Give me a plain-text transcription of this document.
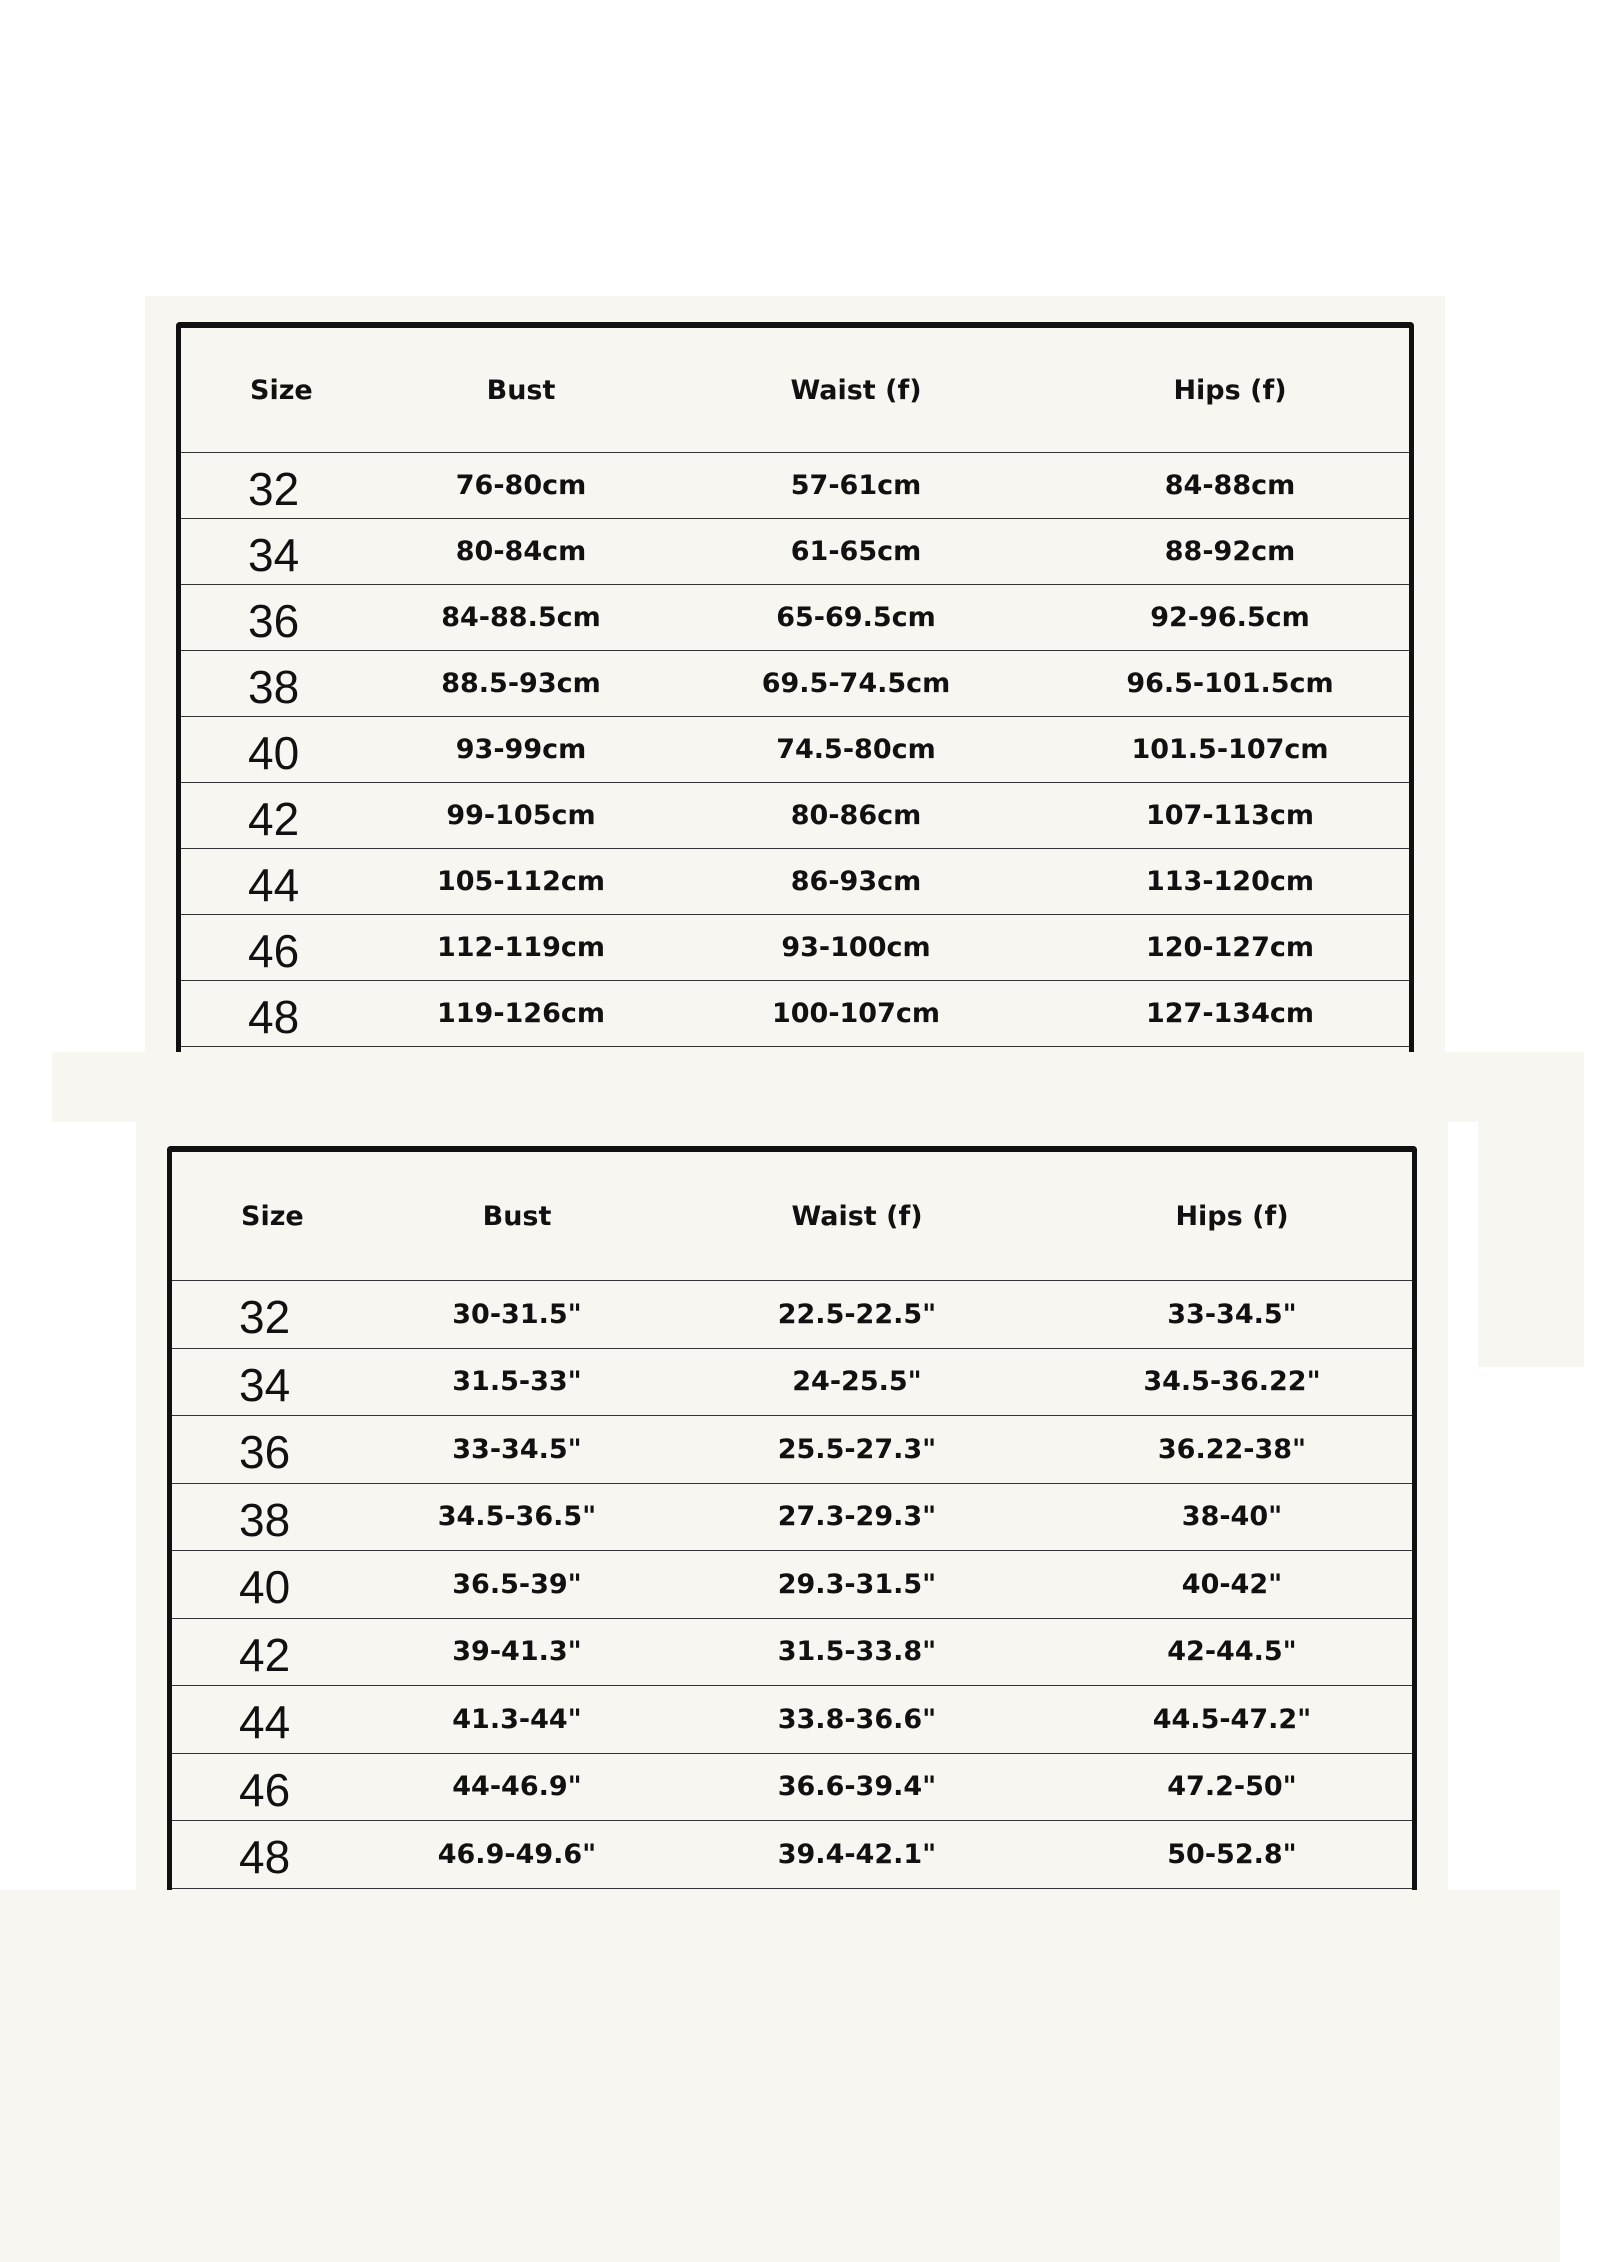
Size	Bust	Waist (f)	Hips (f)
32	76-80cm	57-61cm	84-88cm
34	80-84cm	61-65cm	88-92cm
36	84-88.5cm	65-69.5cm	92-96.5cm
38	88.5-93cm	69.5-74.5cm	96.5-101.5cm
40	93-99cm	74.5-80cm	101.5-107cm
42	99-105cm	80-86cm	107-113cm
44	105-112cm	86-93cm	113-120cm
46	112-119cm	93-100cm	120-127cm
48	119-126cm	100-107cm	127-134cm
Size	Bust	Waist (f)	Hips (f)
32	30-31.5"	22.5-22.5"	33-34.5"
34	31.5-33"	24-25.5"	34.5-36.22"
36	33-34.5"	25.5-27.3"	36.22-38"
38	34.5-36.5"	27.3-29.3"	38-40"
40	36.5-39"	29.3-31.5"	40-42"
42	39-41.3"	31.5-33.8"	42-44.5"
44	41.3-44"	33.8-36.6"	44.5-47.2"
46	44-46.9"	36.6-39.4"	47.2-50"
48	46.9-49.6"	39.4-42.1"	50-52.8"
